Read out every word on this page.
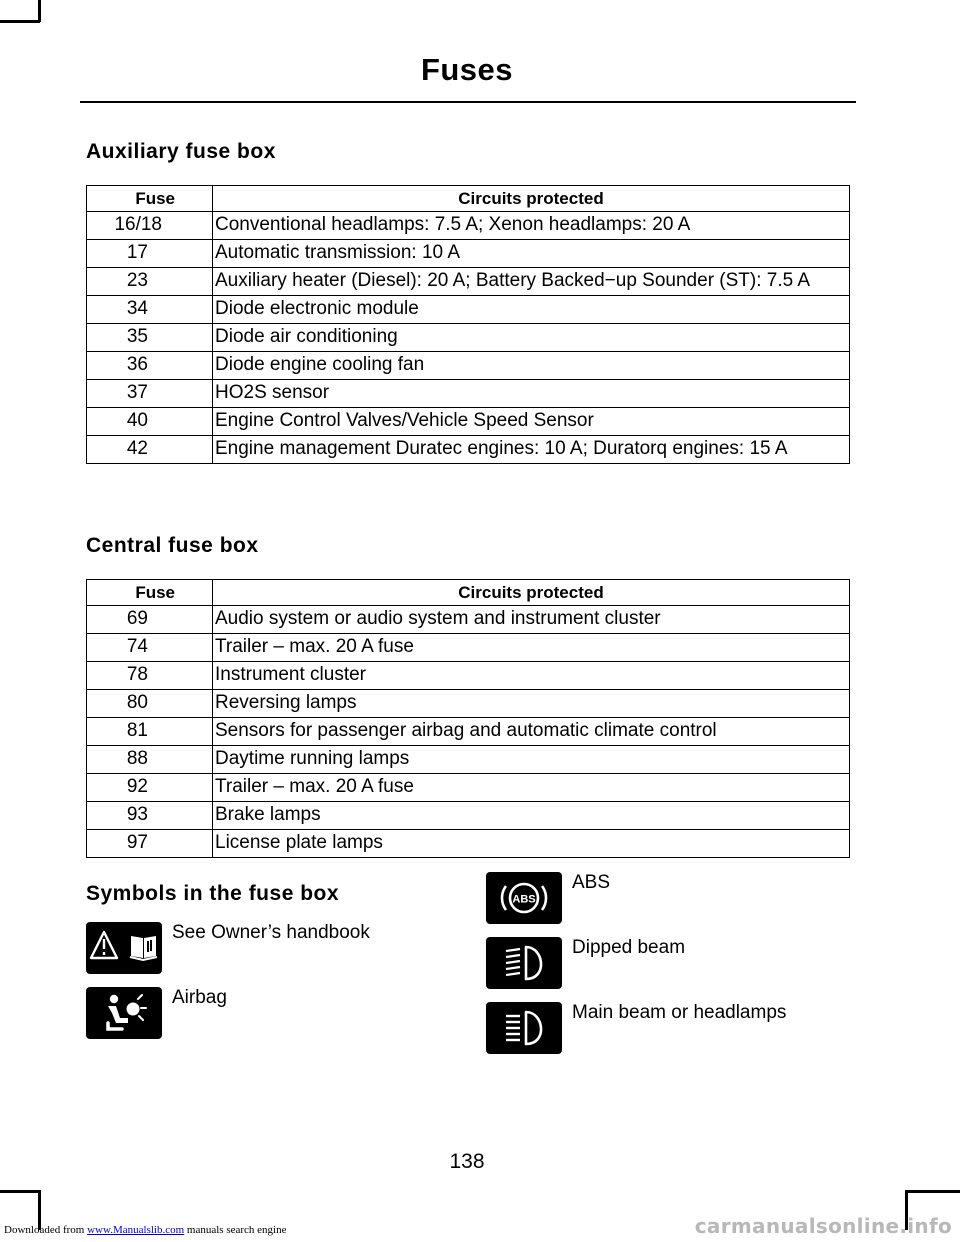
Fuses
Auxiliary fuse box
Fuse	Circuits protected
16/18	Conventional headlamps: 7.5 A; Xenon headlamps: 20 A
17	Automatic transmission: 10 A
23	Auxiliary heater (Diesel): 20 A; Battery Backed−up Sounder (ST): 7.5 A
34	Diode electronic module
35	Diode air conditioning
36	Diode engine cooling fan
37	HO2S sensor
40	Engine Control Valves/Vehicle Speed Sensor
42	Engine management Duratec engines: 10 A; Duratorq engines: 15 A
Central fuse box
Fuse	Circuits protected
69	Audio system or audio system and instrument cluster
74	Trailer – max. 20 A fuse
78	Instrument cluster
80	Reversing lamps
81	Sensors for passenger airbag and automatic climate control
88	Daytime running lamps
92	Trailer – max. 20 A fuse
93	Brake lamps
97	License plate lamps
Symbols in the fuse box
See Owner’s handbook
Airbag
ABS
ABS
Dipped beam
Main beam or headlamps
138
Downloaded from www.Manualslib.com manuals search engine	carmanualsonline.info
